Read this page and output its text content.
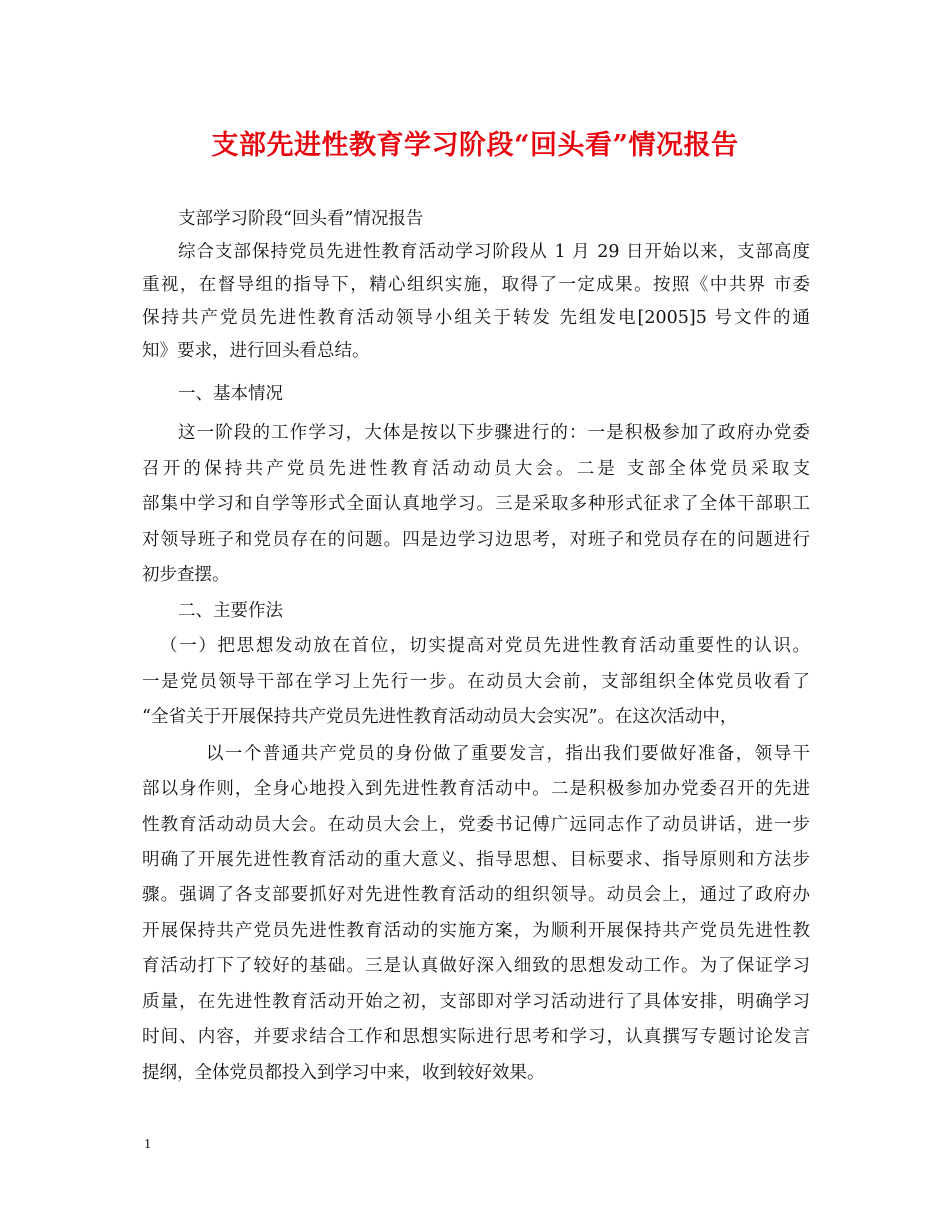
支部先进性教育学习阶段“回头看”情况报告
支部学习阶段“回头看”情况报告
综合支部保持党员先进性教育活动学习阶段从 1 月 29 日开始以来，支部高度
重视，在督导组的指导下，精心组织实施，取得了一定成果。按照《中共界 市委
保持共产党员先进性教育活动领导小组关于转发 先组发电[2005]5 号文件的通
知》要求，进行回头看总结。
一、基本情况
这一阶段的工作学习，大体是按以下步骤进行的：一是积极参加了政府办党委
召开的保持共产党员先进性教育活动动员大会。二是 支部全体党员采取支
部集中学习和自学等形式全面认真地学习。三是采取多种形式征求了全体干部职工
对领导班子和党员存在的问题。四是边学习边思考，对班子和党员存在的问题进行
初步查摆。
二、主要作法
（一）把思想发动放在首位，切实提高对党员先进性教育活动重要性的认识。
一是党员领导干部在学习上先行一步。在动员大会前，支部组织全体党员收看了
“全省关于开展保持共产党员先进性教育活动动员大会实况”。在这次活动中，
以一个普通共产党员的身份做了重要发言，指出我们要做好准备，领导干
部以身作则，全身心地投入到先进性教育活动中。二是积极参加办党委召开的先进
性教育活动动员大会。在动员大会上，党委书记傅广远同志作了动员讲话，进一步
明确了开展先进性教育活动的重大意义、指导思想、目标要求、指导原则和方法步
骤。强调了各支部要抓好对先进性教育活动的组织领导。动员会上，通过了政府办
开展保持共产党员先进性教育活动的实施方案，为顺利开展保持共产党员先进性教
育活动打下了较好的基础。三是认真做好深入细致的思想发动工作。为了保证学习
质量，在先进性教育活动开始之初，支部即对学习活动进行了具体安排，明确学习
时间、内容，并要求结合工作和思想实际进行思考和学习，认真撰写专题讨论发言
提纲，全体党员都投入到学习中来，收到较好效果。
1
